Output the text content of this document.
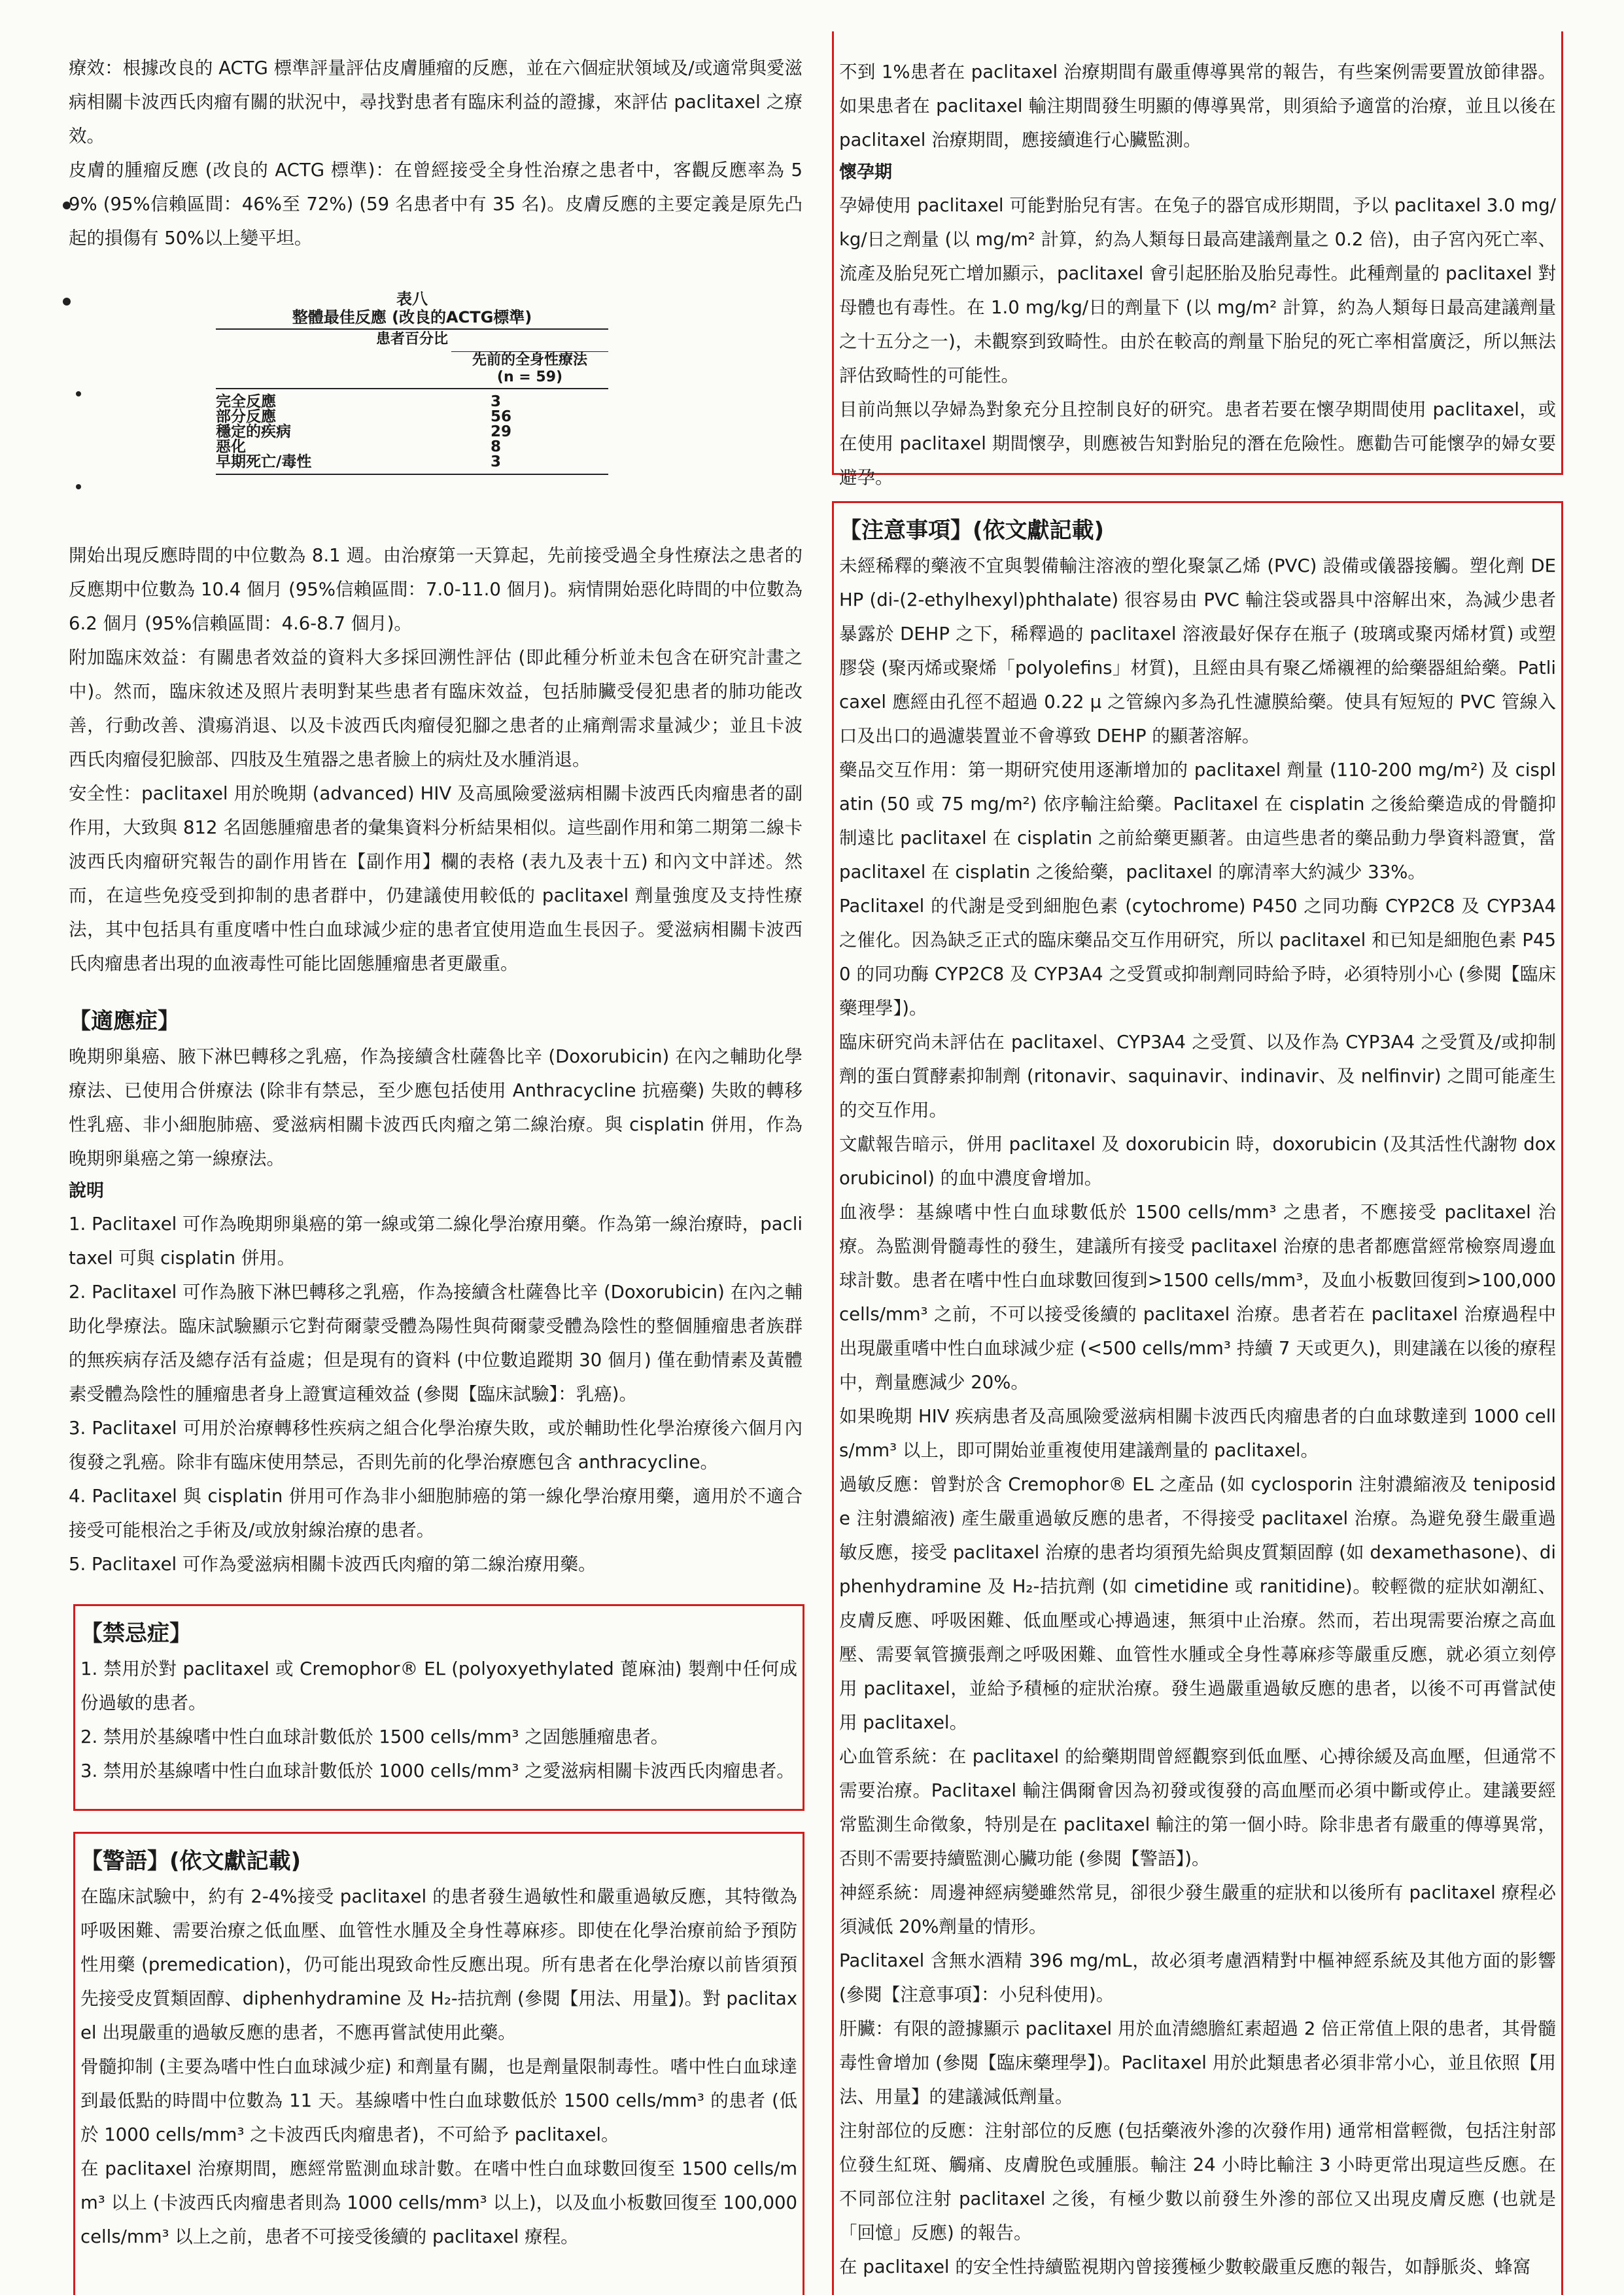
療效：根據改良的 ACTG 標準評量評估皮膚腫瘤的反應，並在六個症狀領域及/或適常與愛滋病相關卡波西氏肉瘤有關的狀況中，尋找對患者有臨床利益的證據，來評估 paclitaxel 之療效。

皮膚的腫瘤反應 (改良的 ACTG 標準)：在曾經接受全身性治療之患者中，客觀反應率為 59% (95%信賴區間：46%至 72%) (59 名患者中有 35 名)。皮膚反應的主要定義是原先凸起的損傷有 50%以上變平坦。

表八
整體最佳反應 (改良的ACTG標準)
患者百分比
先前的全身性療法
(n = 59)
完全反應	3
部分反應	56
穩定的疾病	29
惡化	8
早期死亡/毒性	3

開始出現反應時間的中位數為 8.1 週。由治療第一天算起，先前接受過全身性療法之患者的反應期中位數為 10.4 個月 (95%信賴區間：7.0-11.0 個月)。病情開始惡化時間的中位數為 6.2 個月 (95%信賴區間：4.6-8.7 個月)。

附加臨床效益：有關患者效益的資料大多採回溯性評估 (即此種分析並未包含在研究計畫之中)。然而，臨床敘述及照片表明對某些患者有臨床效益，包括肺臟受侵犯患者的肺功能改善，行動改善、潰瘍消退、以及卡波西氏肉瘤侵犯腳之患者的止痛劑需求量減少；並且卡波西氏肉瘤侵犯臉部、四肢及生殖器之患者臉上的病灶及水腫消退。

安全性：paclitaxel 用於晚期 (advanced) HIV 及高風險愛滋病相關卡波西氏肉瘤患者的副作用，大致與 812 名固態腫瘤患者的彙集資料分析結果相似。這些副作用和第二期第二線卡波西氏肉瘤研究報告的副作用皆在【副作用】欄的表格 (表九及表十五) 和內文中詳述。然而，在這些免疫受到抑制的患者群中，仍建議使用較低的 paclitaxel 劑量強度及支持性療法，其中包括具有重度嗜中性白血球減少症的患者宜使用造血生長因子。愛滋病相關卡波西氏肉瘤患者出現的血液毒性可能比固態腫瘤患者更嚴重。

【適應症】

晚期卵巢癌、腋下淋巴轉移之乳癌，作為接續含杜薩魯比辛 (Doxorubicin) 在內之輔助化學療法、已使用合併療法 (除非有禁忌，至少應包括使用 Anthracycline 抗癌藥) 失敗的轉移性乳癌、非小細胞肺癌、愛滋病相關卡波西氏肉瘤之第二線治療。與 cisplatin 併用，作為晚期卵巢癌之第一線療法。

說明

1. Paclitaxel 可作為晚期卵巢癌的第一線或第二線化學治療用藥。作為第一線治療時，paclitaxel 可與 cisplatin 併用。

2. Paclitaxel 可作為腋下淋巴轉移之乳癌，作為接續含杜薩魯比辛 (Doxorubicin) 在內之輔助化學療法。臨床試驗顯示它對荷爾蒙受體為陽性與荷爾蒙受體為陰性的整個腫瘤患者族群的無疾病存活及總存活有益處；但是現有的資料 (中位數追蹤期 30 個月) 僅在動情素及黃體素受體為陰性的腫瘤患者身上證實這種效益 (參閱【臨床試驗】：乳癌)。

3. Paclitaxel 可用於治療轉移性疾病之組合化學治療失敗，或於輔助性化學治療後六個月內復發之乳癌。除非有臨床使用禁忌，否則先前的化學治療應包含 anthracycline。

4. Paclitaxel 與 cisplatin 併用可作為非小細胞肺癌的第一線化學治療用藥，適用於不適合接受可能根治之手術及/或放射線治療的患者。

5. Paclitaxel 可作為愛滋病相關卡波西氏肉瘤的第二線治療用藥。

【禁忌症】

1. 禁用於對 paclitaxel 或 Cremophor® EL (polyoxyethylated 蓖麻油) 製劑中任何成份過敏的患者。

2. 禁用於基線嗜中性白血球計數低於 1500 cells/mm³ 之固態腫瘤患者。

3. 禁用於基線嗜中性白血球計數低於 1000 cells/mm³ 之愛滋病相關卡波西氏肉瘤患者。

【警語】(依文獻記載)

在臨床試驗中，約有 2-4%接受 paclitaxel 的患者發生過敏性和嚴重過敏反應，其特徵為呼吸困難、需要治療之低血壓、血管性水腫及全身性蕁麻疹。即使在化學治療前給予預防性用藥 (premedication)，仍可能出現致命性反應出現。所有患者在化學治療以前皆須預先接受皮質類固醇、diphenhydramine 及 H₂-拮抗劑 (參閱【用法、用量】)。對 paclitaxel 出現嚴重的過敏反應的患者，不應再嘗試使用此藥。

骨髓抑制 (主要為嗜中性白血球減少症) 和劑量有關，也是劑量限制毒性。嗜中性白血球達到最低點的時間中位數為 11 天。基線嗜中性白血球數低於 1500 cells/mm³ 的患者 (低於 1000 cells/mm³ 之卡波西氏肉瘤患者)，不可給予 paclitaxel。

在 paclitaxel 治療期間，應經常監測血球計數。在嗜中性白血球數回復至 1500 cells/mm³ 以上 (卡波西氏肉瘤患者則為 1000 cells/mm³ 以上)，以及血小板數回復至 100,000 cells/mm³ 以上之前，患者不可接受後續的 paclitaxel 療程。

不到 1%患者在 paclitaxel 治療期間有嚴重傳導異常的報告，有些案例需要置放節律器。如果患者在 paclitaxel 輸注期間發生明顯的傳導異常，則須給予適當的治療，並且以後在 paclitaxel 治療期間，應接續進行心臟監測。

懷孕期

孕婦使用 paclitaxel 可能對胎兒有害。在兔子的器官成形期間，予以 paclitaxel 3.0 mg/kg/日之劑量 (以 mg/m² 計算，約為人類每日最高建議劑量之 0.2 倍)，由子宮內死亡率、流產及胎兒死亡增加顯示，paclitaxel 會引起胚胎及胎兒毒性。此種劑量的 paclitaxel 對母體也有毒性。在 1.0 mg/kg/日的劑量下 (以 mg/m² 計算，約為人類每日最高建議劑量之十五分之一)，未觀察到致畸性。由於在較高的劑量下胎兒的死亡率相當廣泛，所以無法評估致畸性的可能性。

目前尚無以孕婦為對象充分且控制良好的研究。患者若要在懷孕期間使用 paclitaxel，或在使用 paclitaxel 期間懷孕，則應被告知對胎兒的潛在危險性。應勸告可能懷孕的婦女要避孕。

【注意事項】(依文獻記載)

未經稀釋的藥液不宜與製備輸注溶液的塑化聚氯乙烯 (PVC) 設備或儀器接觸。塑化劑 DEHP (di-(2-ethylhexyl)phthalate) 很容易由 PVC 輸注袋或器具中溶解出來，為減少患者暴露於 DEHP 之下，稀釋過的 paclitaxel 溶液最好保存在瓶子 (玻璃或聚丙烯材質) 或塑膠袋 (聚丙烯或聚烯「polyolefins」材質)，且經由具有聚乙烯襯裡的給藥器組給藥。Patlicaxel 應經由孔徑不超過 0.22 μ 之管線內多為孔性濾膜給藥。使具有短短的 PVC 管線入口及出口的過濾裝置並不會導致 DEHP 的顯著溶解。

藥品交互作用：第一期研究使用逐漸增加的 paclitaxel 劑量 (110-200 mg/m²) 及 cisplatin (50 或 75 mg/m²) 依序輸注給藥。Paclitaxel 在 cisplatin 之後給藥造成的骨髓抑制遠比 paclitaxel 在 cisplatin 之前給藥更顯著。由這些患者的藥品動力學資料證實，當 paclitaxel 在 cisplatin 之後給藥，paclitaxel 的廓清率大約減少 33%。

Paclitaxel 的代謝是受到細胞色素 (cytochrome) P450 之同功酶 CYP2C8 及 CYP3A4 之催化。因為缺乏正式的臨床藥品交互作用研究，所以 paclitaxel 和已知是細胞色素 P450 的同功酶 CYP2C8 及 CYP3A4 之受質或抑制劑同時給予時，必須特別小心 (參閱【臨床藥理學】)。

臨床研究尚未評估在 paclitaxel、CYP3A4 之受質、以及作為 CYP3A4 之受質及/或抑制劑的蛋白質酵素抑制劑 (ritonavir、saquinavir、indinavir、及 nelfinvir) 之間可能產生的交互作用。

文獻報告暗示，併用 paclitaxel 及 doxorubicin 時，doxorubicin (及其活性代謝物 doxorubicinol) 的血中濃度會增加。

血液學：基線嗜中性白血球數低於 1500 cells/mm³ 之患者，不應接受 paclitaxel 治療。為監測骨髓毒性的發生，建議所有接受 paclitaxel 治療的患者都應當經常檢察周邊血球計數。患者在嗜中性白血球數回復到>1500 cells/mm³，及血小板數回復到>100,000 cells/mm³ 之前，不可以接受後續的 paclitaxel 治療。患者若在 paclitaxel 治療過程中出現嚴重嗜中性白血球減少症 (<500 cells/mm³ 持續 7 天或更久)，則建議在以後的療程中，劑量應減少 20%。

如果晚期 HIV 疾病患者及高風險愛滋病相關卡波西氏肉瘤患者的白血球數達到 1000 cells/mm³ 以上，即可開始並重複使用建議劑量的 paclitaxel。

過敏反應：曾對於含 Cremophor® EL 之產品 (如 cyclosporin 注射濃縮液及 teniposide 注射濃縮液) 產生嚴重過敏反應的患者，不得接受 paclitaxel 治療。為避免發生嚴重過敏反應，接受 paclitaxel 治療的患者均須預先給與皮質類固醇 (如 dexamethasone)、diphenhydramine 及 H₂-拮抗劑 (如 cimetidine 或 ranitidine)。較輕微的症狀如潮紅、皮膚反應、呼吸困難、低血壓或心搏過速，無須中止治療。然而，若出現需要治療之高血壓、需要氧管擴張劑之呼吸困難、血管性水腫或全身性蕁麻疹等嚴重反應，就必須立刻停用 paclitaxel，並給予積極的症狀治療。發生過嚴重過敏反應的患者，以後不可再嘗試使用 paclitaxel。

心血管系統：在 paclitaxel 的給藥期間曾經觀察到低血壓、心搏徐緩及高血壓，但通常不需要治療。Paclitaxel 輸注偶爾會因為初發或復發的高血壓而必須中斷或停止。建議要經常監測生命徵象，特別是在 paclitaxel 輸注的第一個小時。除非患者有嚴重的傳導異常，否則不需要持續監測心臟功能 (參閱【警語】)。

神經系統：周邊神經病變雖然常見，卻很少發生嚴重的症狀和以後所有 paclitaxel 療程必須減低 20%劑量的情形。

Paclitaxel 含無水酒精 396 mg/mL，故必須考慮酒精對中樞神經系統及其他方面的影響 (參閱【注意事項】：小兒科使用)。

肝臟：有限的證據顯示 paclitaxel 用於血清總膽紅素超過 2 倍正常值上限的患者，其骨髓毒性會增加 (參閱【臨床藥理學】)。Paclitaxel 用於此類患者必須非常小心，並且依照【用法、用量】的建議減低劑量。

注射部位的反應：注射部位的反應 (包括藥液外滲的次發作用) 通常相當輕微，包括注射部位發生紅斑、觸痛、皮膚脫色或腫脹。輸注 24 小時比輸注 3 小時更常出現這些反應。在不同部位注射 paclitaxel 之後，有極少數以前發生外滲的部位又出現皮膚反應 (也就是「回憶」反應) 的報告。

在 paclitaxel 的安全性持續監視期內曾接獲極少數較嚴重反應的報告，如靜脈炎、蜂窩
